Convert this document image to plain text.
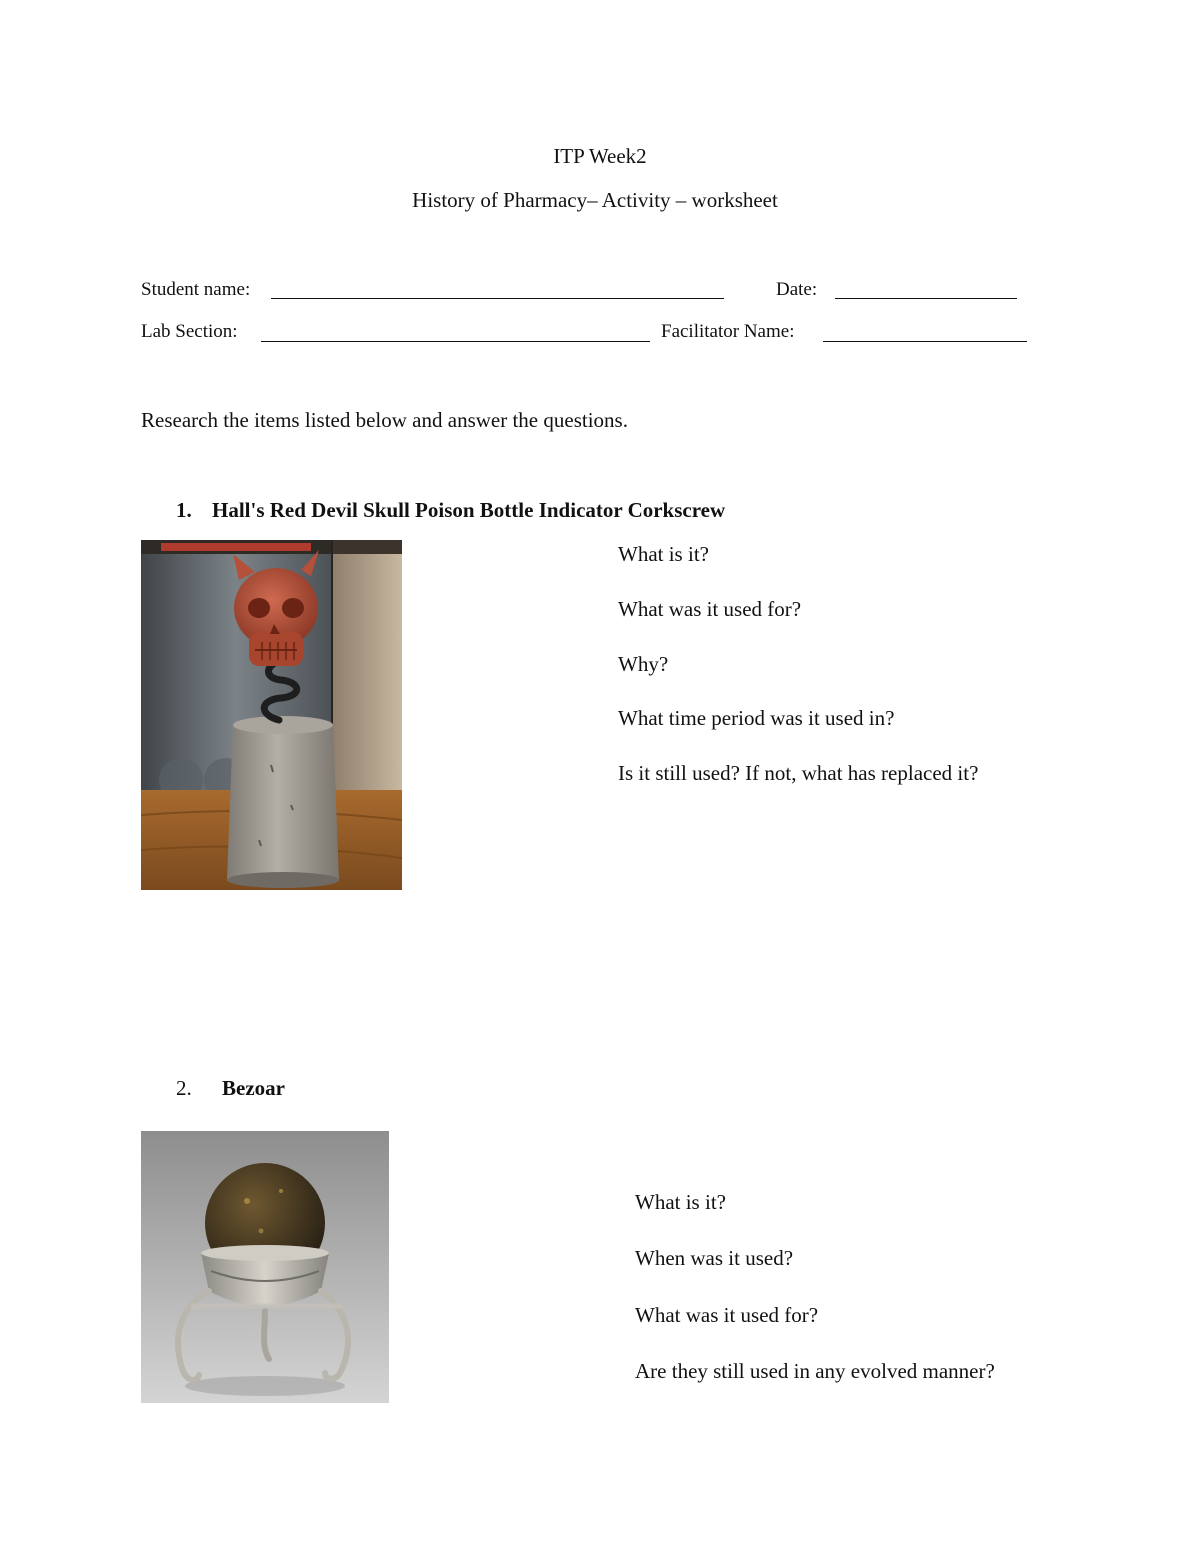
ITP Week2
History of Pharmacy– Activity – worksheet
Student name:	Date:
Lab Section:	Facilitator Name:
Research the items listed below and answer the questions.
1. Hall's Red Devil Skull Poison Bottle Indicator Corkscrew
What is it?
What was it used for?
Why?
What time period was it used in?
Is it still used? If not, what has replaced it?
2. Bezoar
What is it?
When was it used?
What was it used for?
Are they still used in any evolved manner?
